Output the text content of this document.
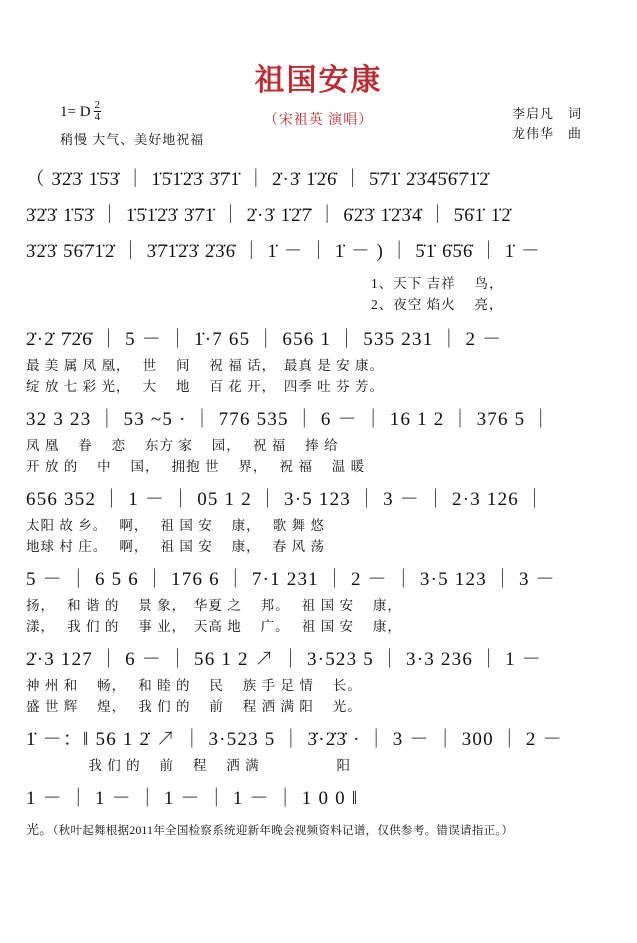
祖国安康
（宋祖英 演唱）
1= D $\frac{2}{4}$
稍慢 大气、美好地祝福
李启凡 词
龙伟华 曲
（ 3̇2̇3̇ 1̇5̇3̇ ｜ 1̇5̇1̇2̇3̇ 3̇7̇1̇ ｜ 2̇·3̇ 1̇2̇6̇ ｜ 5̇7̇1̇ 2̇3̇4̇5̇6̇7̇1̇2̇
3̇2̇3̇ 1̇5̇3̇ ｜ 1̇5̇1̇2̇3̇ 3̇7̇1̇ ｜ 2̇·3̇ 1̇2̇7̇ ｜ 6̇2̇3̇ 1̇2̇3̇4̇ ｜ 5̇6̇1̇ 1̇2̇
3̇2̇3̇ 5̇6̇7̇1̇2̇ ｜ 3̇7̇1̇2̇3̇ 2̇3̇6̇ ｜ 1̇ － ｜ 1̇ － ) ｜ 5̇1̇ 6̇5̇6̇ ｜ 1̇ －
1、天下 吉祥　 鸟，
2、夜空 焰火　 亮，
2̇·2̇ 7̇2̇6̇ ｜ 5 － ｜ 1̇·7 65 ｜ 656 1 ｜ 535 231 ｜ 2 －
最 美 属 凤 凰，　 世　 间　 祝 福 话，　最真 是 安 康。
绽 放 七 彩 光，　 大　 地　 百 花 开，　四季 吐 芬 芳。
32 3 23 ｜ 53 ~5 · ｜ 776 535 ｜ 6 － ｜ 16 1 2 ｜ 376 5 ｜
凤 凰　 眷　 恋　 东方 家　 园，　 祝 福　 捧 给
开 放 的　 中　 国，　 拥抱 世　 界，　 祝 福　 温 暖
656 352 ｜ 1 － ｜ 05 1 2 ｜ 3·5 123 ｜ 3 － ｜ 2·3 126 ｜
太阳 故 乡。　 啊，　 祖 国 安　 康，　 歌 舞 悠
地球 村 庄。　 啊，　 祖 国 安　 康，　 春 风 荡
5 － ｜ 6 5 6 ｜ 176 6 ｜ 7·1 231 ｜ 2 － ｜ 3·5 123 ｜ 3 －
扬，　 和 谐 的　 景 象，　华夏 之　 邦。　 祖 国 安　 康，
漾，　 我 们 的　 事 业，　天高 地　 广。　 祖 国 安　 康，
2̇·3 127 ｜ 6 － ｜ 56 1 2 ↗ ｜ 3·523 5 ｜ 3·3 236 ｜ 1 －
神 州 和　 畅，　 和 睦 的　 民　 族 手 足 情　 长。
盛 世 辉　 煌，　 我 们 的　 前　 程 洒 满 阳　 光。
1̇ －：‖ 56 1 2̇ ↗ ｜ 3·523 5 ｜ 3̇·2̇3̇ · ｜ 3 － ｜ 300 ｜ 2 －
　　　　 我 们 的　 前　 程　 洒 满　　　　　 阳
1 － ｜ 1 － ｜ 1 － ｜ 1 － ｜ 1 0 0 ‖
光。（秋叶起舞根据2011年全国检察系统迎新年晚会视频资料记谱，仅供参考。错误请指正。）
